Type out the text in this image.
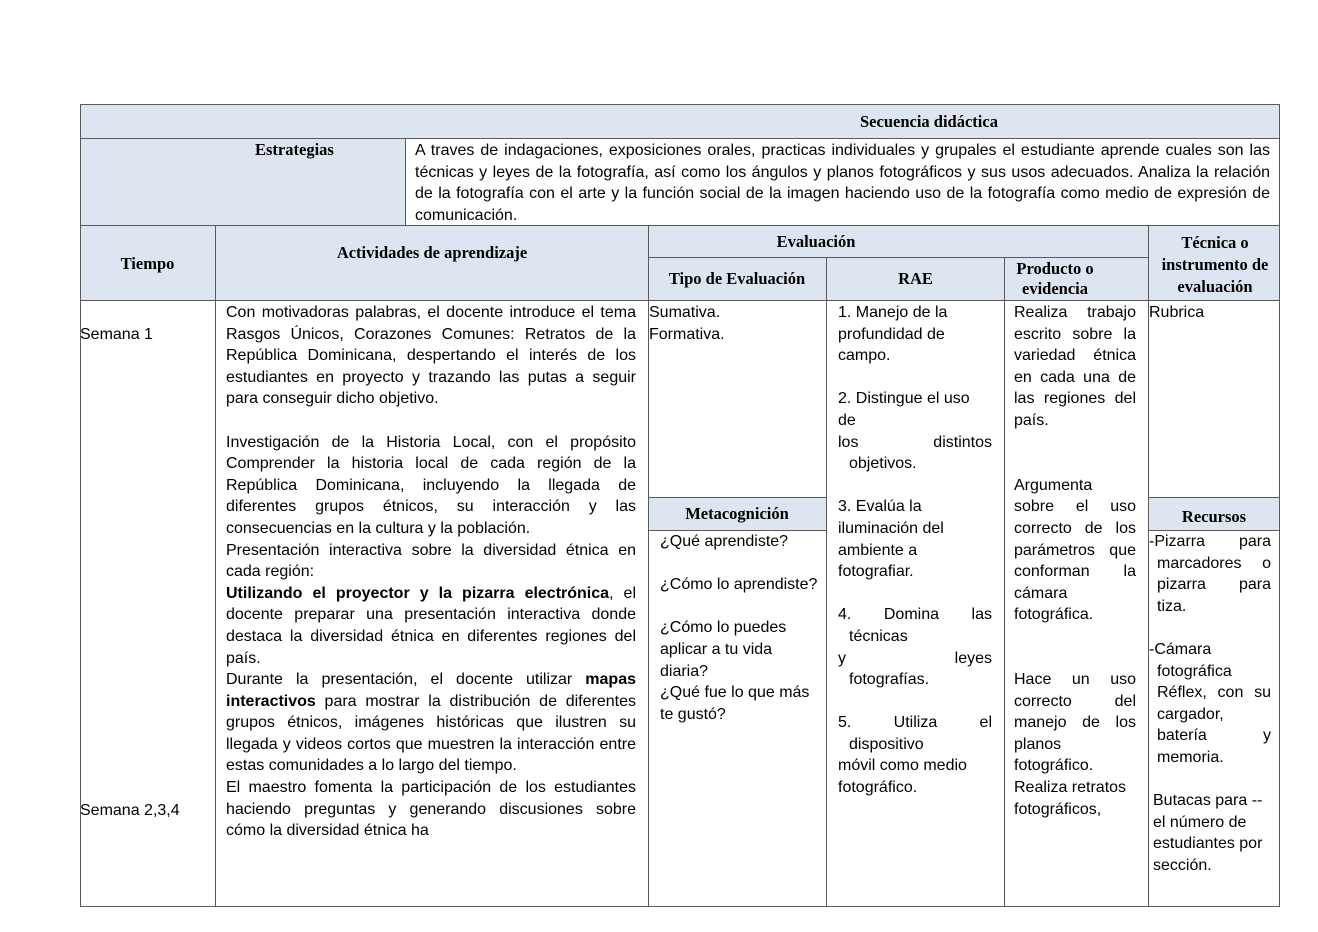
Secuencia didáctica
Estrategias	A traves de indagaciones, exposiciones orales, practicas individuales y grupales el estudiante aprende cuales son las técnicas y leyes de la fotografía, así como los ángulos y planos fotográficos y sus usos adecuados. Analiza la relación de la fotografía con el arte y la función social de la imagen haciendo uso de la fotografía como medio de expresión de comunicación.
Tiempo
Actividades de aprendizaje
Evaluación
Tipo de Evaluación	RAE
Producto o evidencia
Técnica o instrumento de evaluación
Semana 1
Semana 2,3,4

Con motivadoras palabras, el docente introduce el tema Rasgos Únicos, Corazones Comunes: Retratos de la República Dominicana, despertando el interés de los estudiantes en proyecto y trazando las putas a seguir para conseguir dicho objetivo.

Investigación de la Historia Local, con el propósito Comprender la historia local de cada región de la República Dominicana, incluyendo la llegada de diferentes grupos étnicos, su interacción y las consecuencias en la cultura y la población.

Presentación interactiva sobre la diversidad étnica en cada región:

Utilizando el proyector y la pizarra electrónica, el docente preparar una presentación interactiva donde destaca la diversidad étnica en diferentes regiones del país.

Durante la presentación, el docente utilizar mapas interactivos para mostrar la distribución de diferentes grupos étnicos, imágenes históricas que ilustren su llegada y videos cortos que muestren la interacción entre estas comunidades a lo largo del tiempo.

El maestro fomenta la participación de los estudiantes haciendo preguntas y generando discusiones sobre cómo la diversidad étnica ha

Sumativa.

Formativa.

Metacognición

¿Qué aprendiste?

¿Cómo lo aprendiste?

¿Cómo lo puedes aplicar a tu vida diaria?

¿Qué fue lo que más te gustó?

1. Manejo de la profundidad de campo.

2. Distingue el uso de

los distintos

objetivos.

3. Evalúa la iluminación del ambiente a fotografiar.

4. Domina las

técnicas

y leyes

fotografías.

5. Utiliza el

dispositivo

móvil como medio fotográfico.

Realiza trabajo escrito sobre la variedad étnica en cada una de las regiones del país.

Argumenta sobre el uso correcto de los parámetros que conforman la cámara fotográfica.

Hace un uso correcto del manejo de los planos fotográfico.

Realiza retratos fotográficos,

Rubrica
Recursos

-Pizarra para marcadores o pizarra para tiza.

-Cámara fotográfica Réflex, con su cargador, batería y memoria.

Butacas para --el número de estudiantes por sección.
